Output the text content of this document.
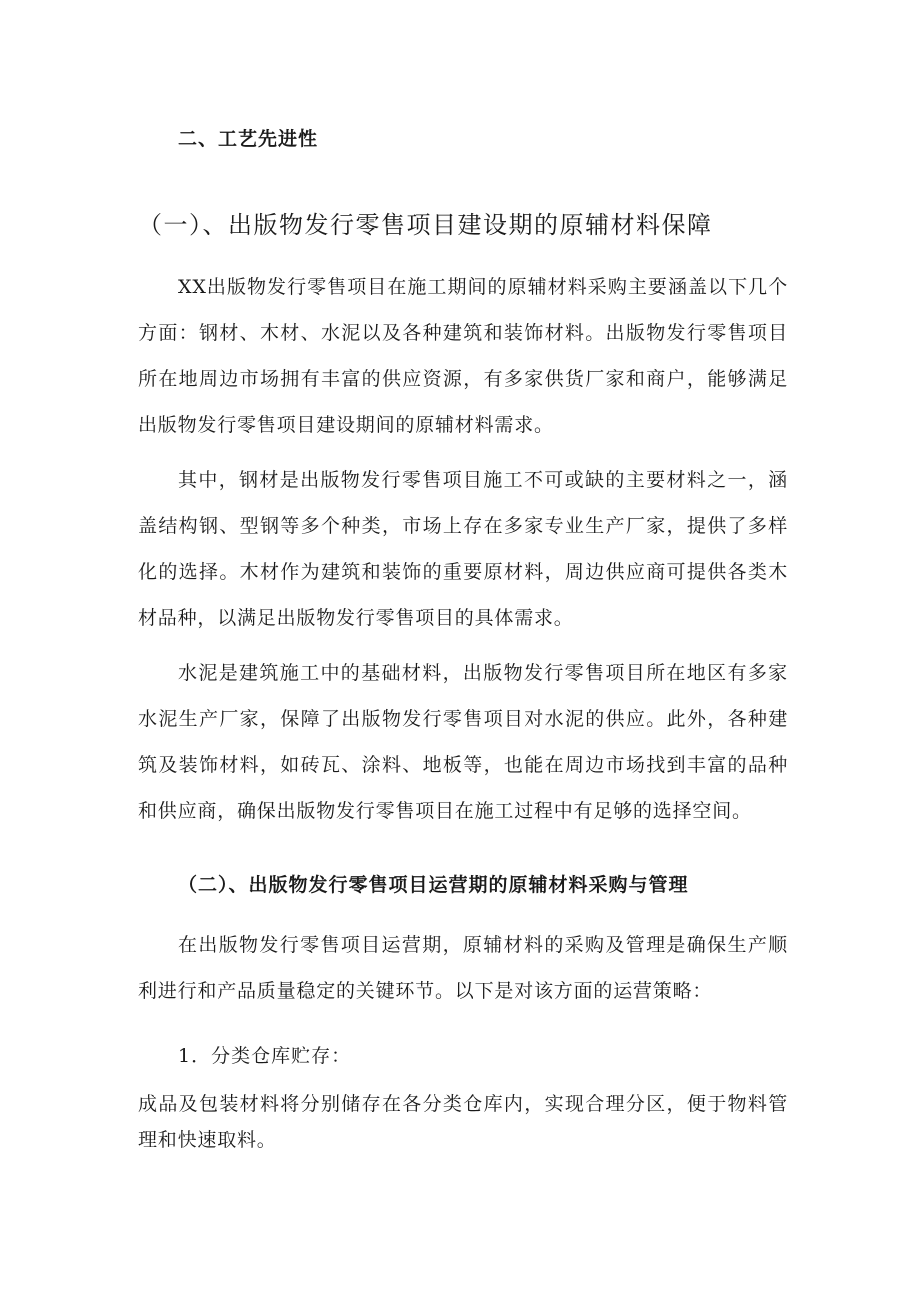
二、工艺先进性
（一）、出版物发行零售项目建设期的原辅材料保障
XX出版物发行零售项目在施工期间的原辅材料采购主要涵盖以下几个方面：钢材、木材、水泥以及各种建筑和装饰材料。出版物发行零售项目所在地周边市场拥有丰富的供应资源，有多家供货厂家和商户，能够满足出版物发行零售项目建设期间的原辅材料需求。
其中，钢材是出版物发行零售项目施工不可或缺的主要材料之一，涵盖结构钢、型钢等多个种类，市场上存在多家专业生产厂家，提供了多样化的选择。木材作为建筑和装饰的重要原材料，周边供应商可提供各类木材品种，以满足出版物发行零售项目的具体需求。
水泥是建筑施工中的基础材料，出版物发行零售项目所在地区有多家水泥生产厂家，保障了出版物发行零售项目对水泥的供应。此外，各种建筑及装饰材料，如砖瓦、涂料、地板等，也能在周边市场找到丰富的品种和供应商，确保出版物发行零售项目在施工过程中有足够的选择空间。
（二）、出版物发行零售项目运营期的原辅材料采购与管理
在出版物发行零售项目运营期，原辅材料的采购及管理是确保生产顺利进行和产品质量稳定的关键环节。以下是对该方面的运营策略：
1．分类仓库贮存：
成品及包装材料将分别储存在各分类仓库内，实现合理分区，便于物料管理和快速取料。
